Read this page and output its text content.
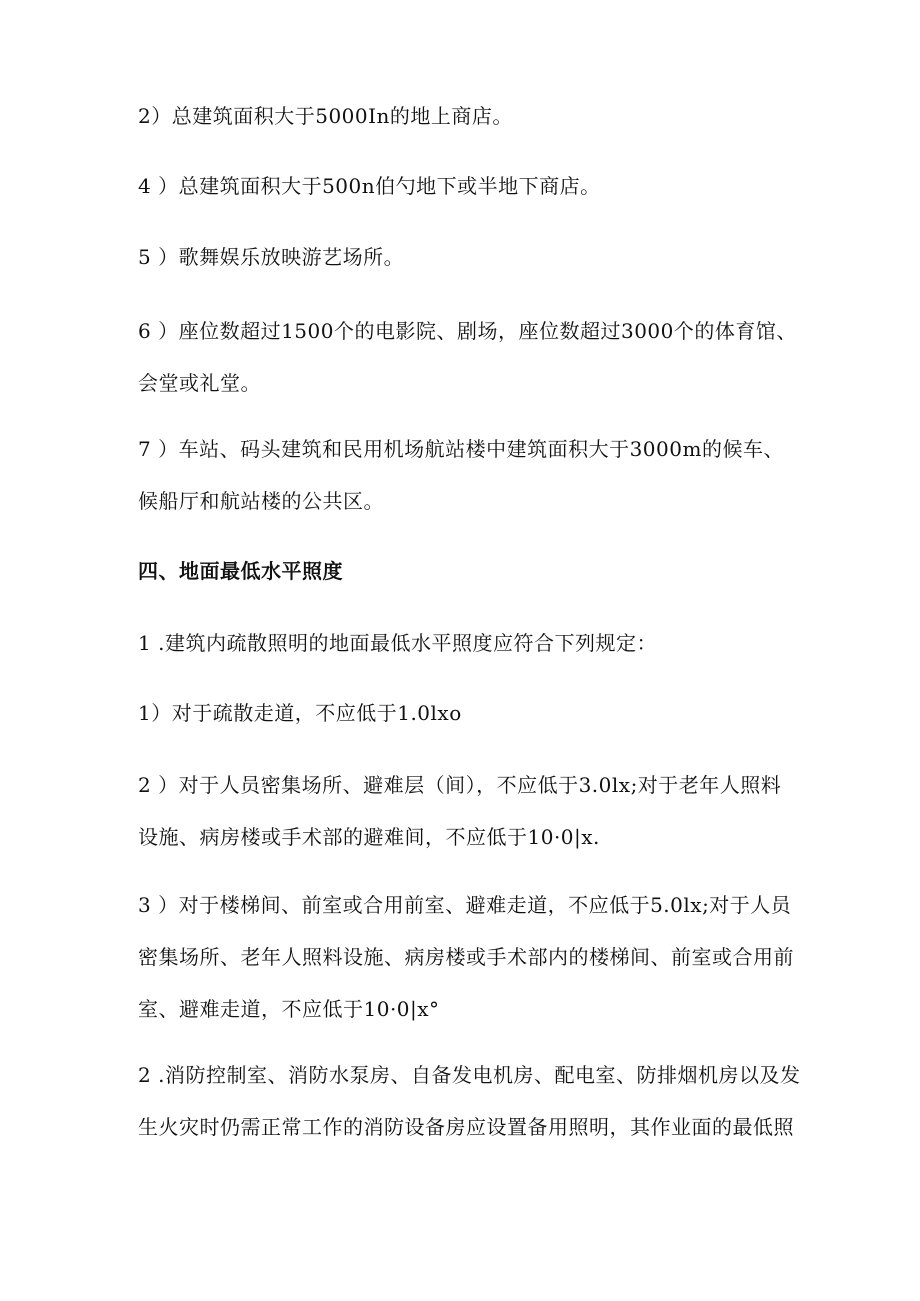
2）总建筑面积大于5000In的地上商店。
4 ）总建筑面积大于500n伯勺地下或半地下商店。
5 ）歌舞娱乐放映游艺场所。
6 ）座位数超过1500个的电影院、剧场，座位数超过3000个的体育馆、
会堂或礼堂。
7 ）车站、码头建筑和民用机场航站楼中建筑面积大于3000m的候车、
候船厅和航站楼的公共区。
四、地面最低水平照度
1 .建筑内疏散照明的地面最低水平照度应符合下列规定：
1）对于疏散走道，不应低于1.0lxo
2 ）对于人员密集场所、避难层（间），不应低于3.0lx;对于老年人照料
设施、病房楼或手术部的避难间，不应低于10·0|x.
3 ）对于楼梯间、前室或合用前室、避难走道，不应低于5.0lx;对于人员
密集场所、老年人照料设施、病房楼或手术部内的楼梯间、前室或合用前
室、避难走道，不应低于10·0|x°
2 .消防控制室、消防水泵房、自备发电机房、配电室、防排烟机房以及发
生火灾时仍需正常工作的消防设备房应设置备用照明，其作业面的最低照
